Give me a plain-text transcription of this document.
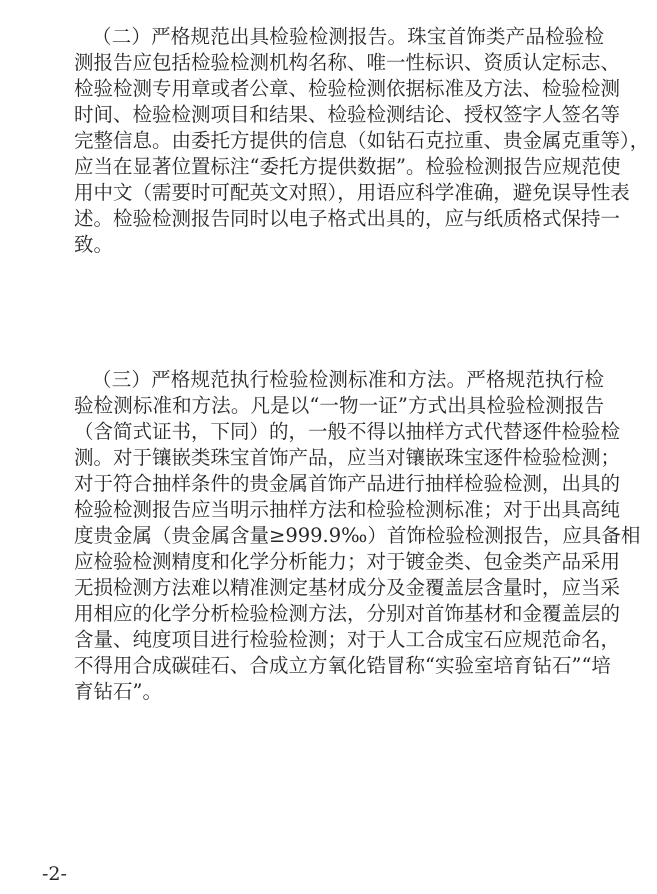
（二）严格规范出具检验检测报告。珠宝首饰类产品检验检

测报告应包括检验检测机构名称、唯一性标识、资质认定标志、

检验检测专用章或者公章、检验检测依据标准及方法、检验检测

时间、检验检测项目和结果、检验检测结论、授权签字人签名等

完整信息。由委托方提供的信息（如钻石克拉重、贵金属克重等），

应当在显著位置标注“委托方提供数据”。检验检测报告应规范使

用中文（需要时可配英文对照），用语应科学准确，避免误导性表

述。检验检测报告同时以电子格式出具的，应与纸质格式保持一

致。

（三）严格规范执行检验检测标准和方法。严格规范执行检

验检测标准和方法。凡是以“一物一证”方式出具检验检测报告

（含简式证书，下同）的，一般不得以抽样方式代替逐件检验检

测。对于镶嵌类珠宝首饰产品，应当对镶嵌珠宝逐件检验检测；

对于符合抽样条件的贵金属首饰产品进行抽样检验检测，出具的

检验检测报告应当明示抽样方法和检验检测标准；对于出具高纯

度贵金属（贵金属含量≥999.9‰）首饰检验检测报告，应具备相

应检验检测精度和化学分析能力；对于镀金类、包金类产品采用

无损检测方法难以精准测定基材成分及金覆盖层含量时，应当采

用相应的化学分析检验检测方法，分别对首饰基材和金覆盖层的

含量、纯度项目进行检验检测；对于人工合成宝石应规范命名，

不得用合成碳硅石、合成立方氧化锆冒称“实验室培育钻石”“培

育钻石”。

-2-
